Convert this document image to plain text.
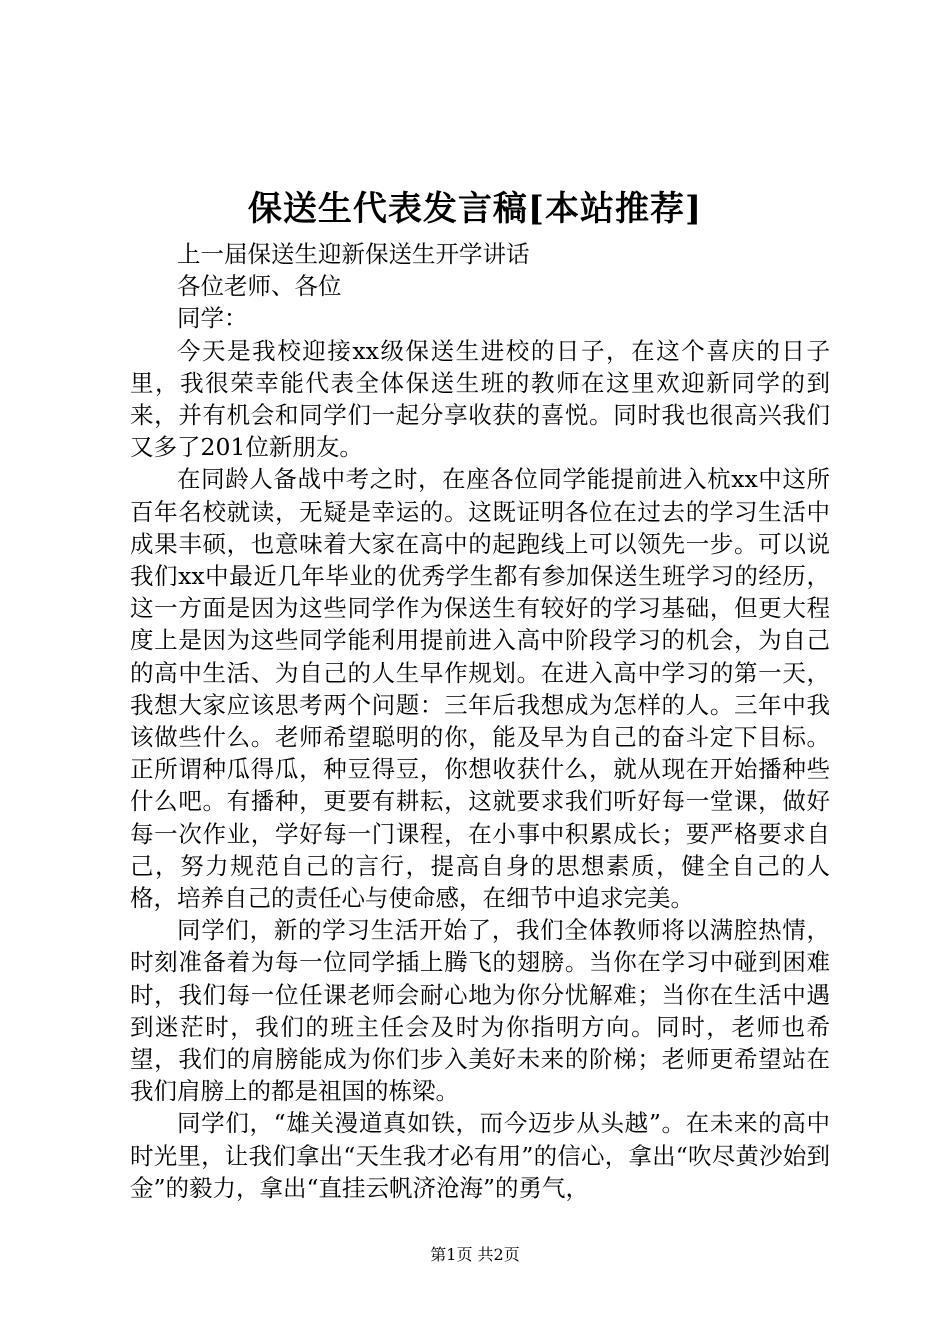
保送生代表发言稿[本站推荐]

上一届保送生迎新保送生开学讲话

各位老师、各位

同学：

今天是我校迎接xx级保送生进校的日子，在这个喜庆的日子里，我很荣幸能代表全体保送生班的教师在这里欢迎新同学的到来，并有机会和同学们一起分享收获的喜悦。同时我也很高兴我们又多了201位新朋友。

在同龄人备战中考之时，在座各位同学能提前进入杭xx中这所百年名校就读，无疑是幸运的。这既证明各位在过去的学习生活中成果丰硕，也意味着大家在高中的起跑线上可以领先一步。可以说我们xx中最近几年毕业的优秀学生都有参加保送生班学习的经历，这一方面是因为这些同学作为保送生有较好的学习基础，但更大程度上是因为这些同学能利用提前进入高中阶段学习的机会，为自己的高中生活、为自己的人生早作规划。在进入高中学习的第一天，我想大家应该思考两个问题：三年后我想成为怎样的人。三年中我该做些什么。老师希望聪明的你，能及早为自己的奋斗定下目标。正所谓种瓜得瓜，种豆得豆，你想收获什么，就从现在开始播种些什么吧。有播种，更要有耕耘，这就要求我们听好每一堂课，做好每一次作业，学好每一门课程，在小事中积累成长；要严格要求自己，努力规范自己的言行，提高自身的思想素质，健全自己的人格，培养自己的责任心与使命感，在细节中追求完美。

同学们，新的学习生活开始了，我们全体教师将以满腔热情，时刻准备着为每一位同学插上腾飞的翅膀。当你在学习中碰到困难时，我们每一位任课老师会耐心地为你分忧解难；当你在生活中遇到迷茫时，我们的班主任会及时为你指明方向。同时，老师也希望，我们的肩膀能成为你们步入美好未来的阶梯；老师更希望站在我们肩膀上的都是祖国的栋梁。

同学们，“雄关漫道真如铁，而今迈步从头越”。在未来的高中时光里，让我们拿出“天生我才必有用”的信心，拿出“吹尽黄沙始到金”的毅力，拿出“直挂云帆济沧海”的勇气，

第1页 共2页
